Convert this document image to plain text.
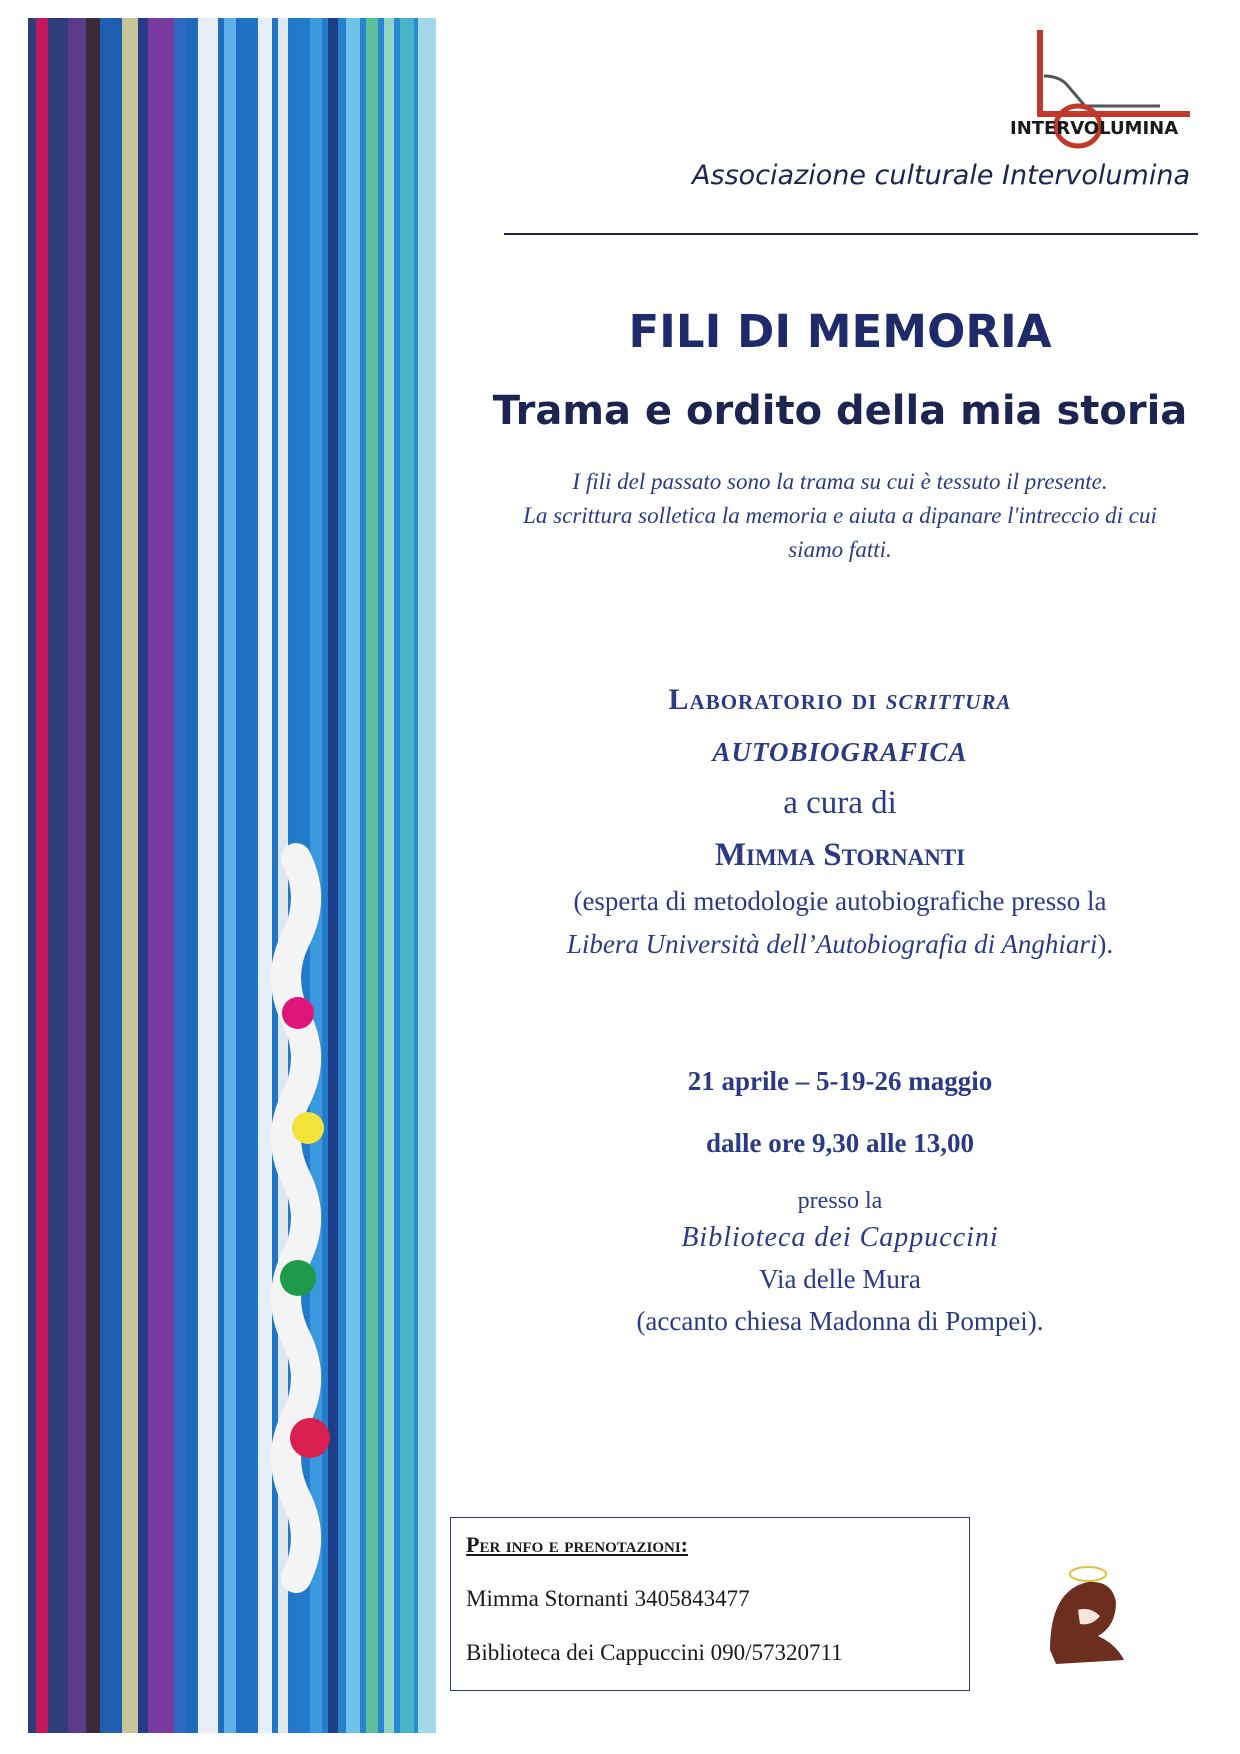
INTERVOLUMINA
Associazione culturale Intervolumina
FILI DI MEMORIA
Trama e ordito della mia storia
I fili del passato sono la trama su cui è tessuto il presente.
La scrittura solletica la memoria e aiuta a dipanare l'intreccio di cui
siamo fatti.
Laboratorio di scrittura
AUTOBIOGRAFICA
a cura di
Mimma Stornanti
(esperta di metodologie autobiografiche presso la
Libera Università dell’Autobiografia di Anghiari).
21 aprile – 5-19-26 maggio
dalle ore 9,30 alle 13,00
presso la
Biblioteca dei Cappuccini
Via delle Mura
(accanto chiesa Madonna di Pompei).
Per info e prenotazioni:
Mimma Stornanti 3405843477
Biblioteca dei Cappuccini 090/57320711
